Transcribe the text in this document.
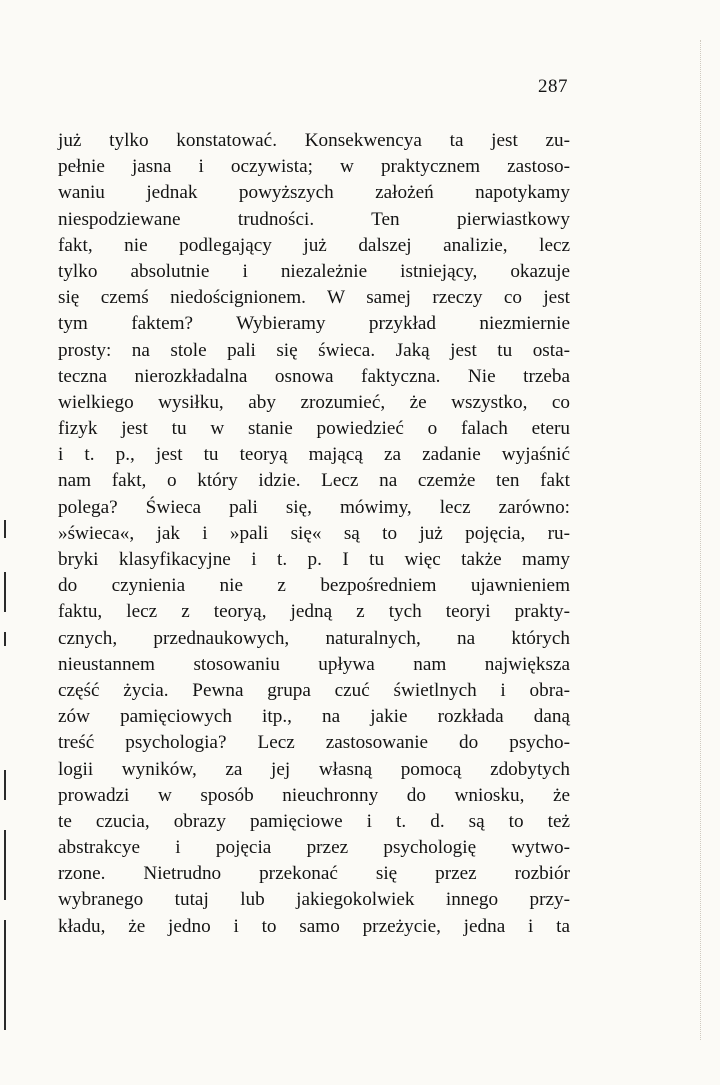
287
już tylko konstatować. Konsekwencya ta jest zu-
pełnie jasna i oczywista; w praktycznem zastoso-
waniu jednak powyższych założeń napotykamy
niespodziewane trudności. Ten pierwiastkowy
fakt, nie podlegający już dalszej analizie, lecz
tylko absolutnie i niezależnie istniejący, okazuje
się czemś niedoścignionem. W samej rzeczy co jest
tym faktem? Wybieramy przykład niezmiernie
prosty: na stole pali się świeca. Jaką jest tu osta-
teczna nierozkładalna osnowa faktyczna. Nie trzeba
wielkiego wysiłku, aby zrozumieć, że wszystko, co
fizyk jest tu w stanie powiedzieć o falach eteru
i t. p., jest tu teoryą mającą za zadanie wyjaśnić
nam fakt, o który idzie. Lecz na czemże ten fakt
polega? Świeca pali się, mówimy, lecz zarówno:
»świeca«, jak i »pali się« są to już pojęcia, ru-
bryki klasyfikacyjne i t. p. I tu więc także mamy
do czynienia nie z bezpośredniem ujawnieniem
faktu, lecz z teoryą, jedną z tych teoryi prakty-
cznych, przednaukowych, naturalnych, na których
nieustannem stosowaniu upływa nam największa
część życia. Pewna grupa czuć świetlnych i obra-
zów pamięciowych itp., na jakie rozkłada daną
treść psychologia? Lecz zastosowanie do psycho-
logii wyników, za jej własną pomocą zdobytych
prowadzi w sposób nieuchronny do wniosku, że
te czucia, obrazy pamięciowe i t. d. są to też
abstrakcye i pojęcia przez psychologię wytwo-
rzone. Nietrudno przekonać się przez rozbiór
wybranego tutaj lub jakiegokolwiek innego przy-
kładu, że jedno i to samo przeżycie, jedna i ta
